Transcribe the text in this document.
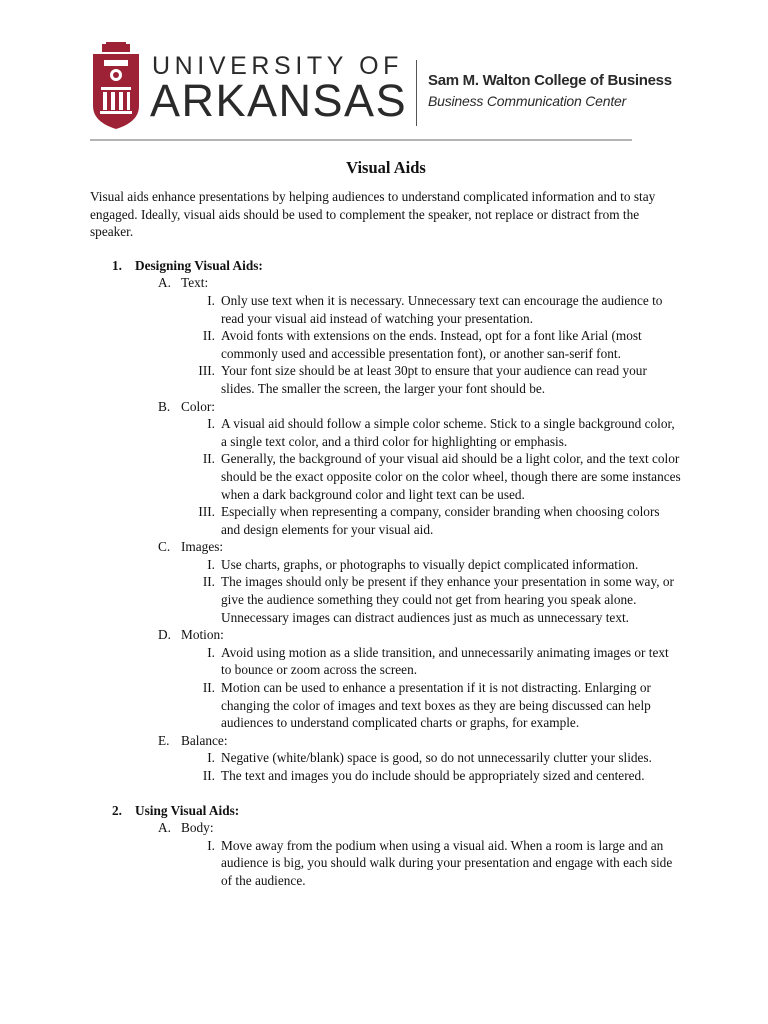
UNIVERSITY OF
ARKANSAS Sam M. Walton College of Business
Business Communication Center
Visual Aids
Visual aids enhance presentations by helping audiences to understand complicated information and to stay engaged. Ideally, visual aids should be used to complement the speaker, not replace or distract from the speaker.
1. Designing Visual Aids:
A. Text:
I. Only use text when it is necessary. Unnecessary text can encourage the audience to read your visual aid instead of watching your presentation.
II. Avoid fonts with extensions on the ends. Instead, opt for a font like Arial (most commonly used and accessible presentation font), or another san-serif font.
III. Your font size should be at least 30pt to ensure that your audience can read your slides. The smaller the screen, the larger your font should be.
B. Color:
I. A visual aid should follow a simple color scheme. Stick to a single background color, a single text color, and a third color for highlighting or emphasis.
II. Generally, the background of your visual aid should be a light color, and the text color should be the exact opposite color on the color wheel, though there are some instances when a dark background color and light text can be used.
III. Especially when representing a company, consider branding when choosing colors and design elements for your visual aid.
C. Images:
I. Use charts, graphs, or photographs to visually depict complicated information.
II. The images should only be present if they enhance your presentation in some way, or give the audience something they could not get from hearing you speak alone. Unnecessary images can distract audiences just as much as unnecessary text.
D. Motion:
I. Avoid using motion as a slide transition, and unnecessarily animating images or text to bounce or zoom across the screen.
II. Motion can be used to enhance a presentation if it is not distracting. Enlarging or changing the color of images and text boxes as they are being discussed can help audiences to understand complicated charts or graphs, for example.
E. Balance:
I. Negative (white/blank) space is good, so do not unnecessarily clutter your slides.
II. The text and images you do include should be appropriately sized and centered.
2. Using Visual Aids:
A. Body:
I. Move away from the podium when using a visual aid. When a room is large and an audience is big, you should walk during your presentation and engage with each side of the audience.
